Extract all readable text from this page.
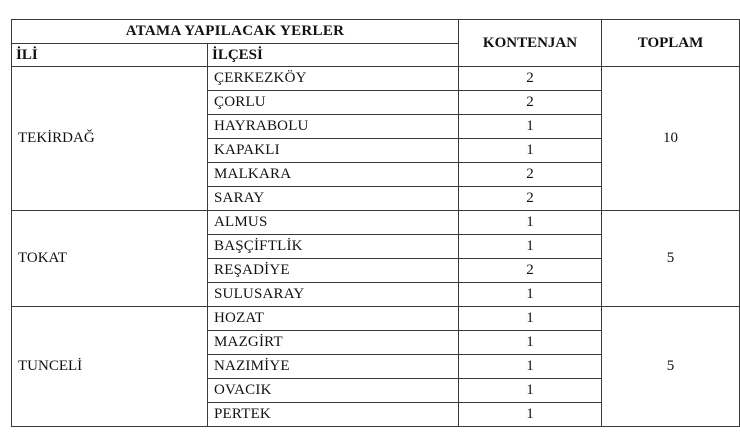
ATAMA YAPILACAK YERLER		KONTENJAN	TOPLAM
İLİ	İLÇESİ		
TEKİRDAĞ	ÇERKEZKÖY	2	10
	ÇORLU	2	
	HAYRABOLU	1	
	KAPAKLI	1	
	MALKARA	2	
	SARAY	2	
TOKAT	ALMUS	1	5
	BAŞÇİFTLİK	1	
	REŞADİYE	2	
	SULUSARAY	1	
TUNCELİ	HOZAT	1	5
	MAZGİRT	1	
	NAZIMİYE	1	
	OVACIK	1	
	PERTEK	1	
